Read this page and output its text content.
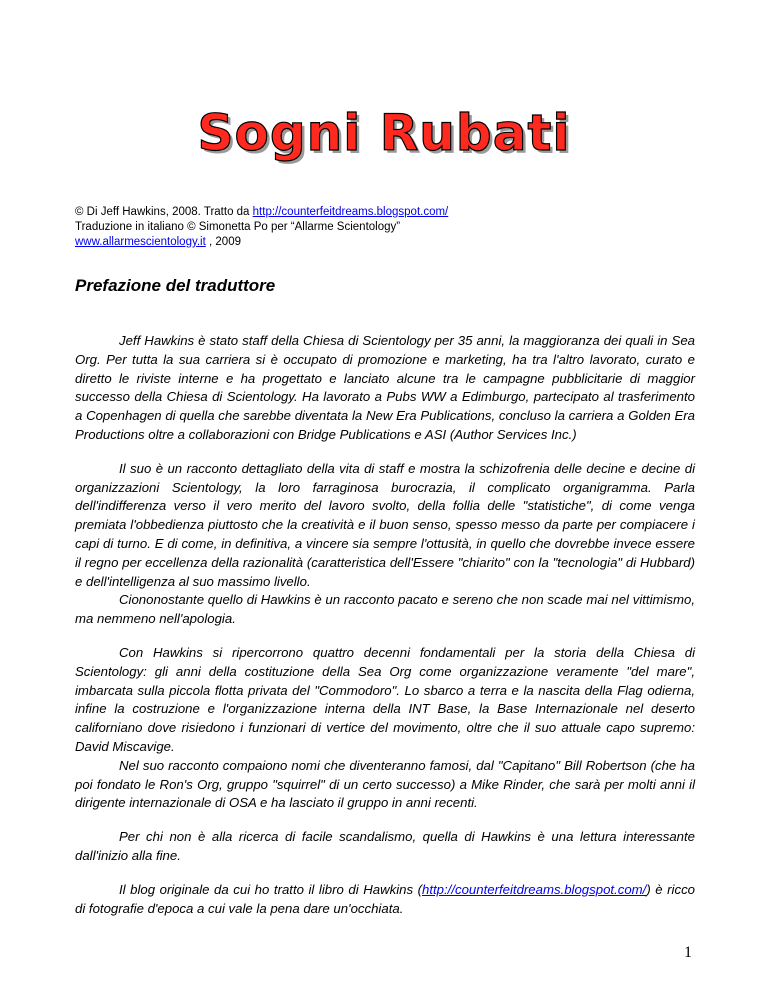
Sogni Rubati
© Di Jeff Hawkins, 2008. Tratto da http://counterfeitdreams.blogspot.com/
Traduzione in italiano © Simonetta Po per “Allarme Scientology”
www.allarmescientology.it , 2009
Prefazione del traduttore

Jeff Hawkins è stato staff della Chiesa di Scientology per 35 anni, la maggioranza dei quali in Sea Org. Per tutta la sua carriera si è occupato di promozione e marketing, ha tra l'altro lavorato, curato e diretto le riviste interne e ha progettato e lanciato alcune tra le campagne pubblicitarie di maggior successo della Chiesa di Scientology. Ha lavorato a Pubs WW a Edimburgo, partecipato al trasferimento a Copenhagen di quella che sarebbe diventata la New Era Publications, concluso la carriera a Golden Era Productions oltre a collaborazioni con Bridge Publications e ASI (Author Services Inc.)

Il suo è un racconto dettagliato della vita di staff e mostra la schizofrenia delle decine e decine di organizzazioni Scientology, la loro farraginosa burocrazia, il complicato organigramma. Parla dell'indifferenza verso il vero merito del lavoro svolto, della follia delle "statistiche", di come venga premiata l'obbedienza piuttosto che la creatività e il buon senso, spesso messo da parte per compiacere i capi di turno. E di come, in definitiva, a vincere sia sempre l'ottusità, in quello che dovrebbe invece essere il regno per eccellenza della razionalità (caratteristica dell'Essere "chiarito" con la "tecnologia" di Hubbard) e dell'intelligenza al suo massimo livello.

Ciononostante quello di Hawkins è un racconto pacato e sereno che non scade mai nel vittimismo, ma nemmeno nell'apologia.

Con Hawkins si ripercorrono quattro decenni fondamentali per la storia della Chiesa di Scientology: gli anni della costituzione della Sea Org come organizzazione veramente "del mare", imbarcata sulla piccola flotta privata del "Commodoro". Lo sbarco a terra e la nascita della Flag odierna, infine la costruzione e l'organizzazione interna della INT Base, la Base Internazionale nel deserto californiano dove risiedono i funzionari di vertice del movimento, oltre che il suo attuale capo supremo: David Miscavige.

Nel suo racconto compaiono nomi che diventeranno famosi, dal "Capitano" Bill Robertson (che ha poi fondato le Ron's Org, gruppo "squirrel" di un certo successo) a Mike Rinder, che sarà per molti anni il dirigente internazionale di OSA e ha lasciato il gruppo in anni recenti.

Per chi non è alla ricerca di facile scandalismo, quella di Hawkins è una lettura interessante dall'inizio alla fine.

Il blog originale da cui ho tratto il libro di Hawkins (http://counterfeitdreams.blogspot.com/) è ricco di fotografie d'epoca a cui vale la pena dare un'occhiata.

1
